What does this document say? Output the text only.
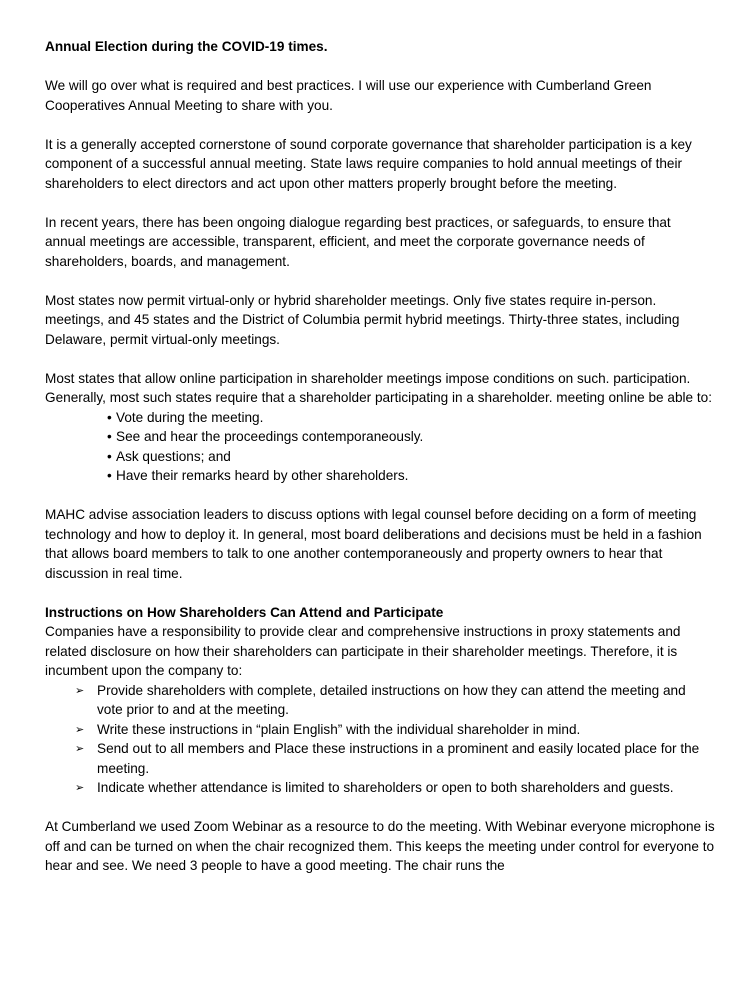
Annual Election during the COVID-19 times.

We will go over what is required and best practices. I will use our experience with Cumberland Green Cooperatives Annual Meeting to share with you.

It is a generally accepted cornerstone of sound corporate governance that shareholder participation is a key component of a successful annual meeting. State laws require companies to hold annual meetings of their shareholders to elect directors and act upon other matters properly brought before the meeting.

In recent years, there has been ongoing dialogue regarding best practices, or safeguards, to ensure that annual meetings are accessible, transparent, efficient, and meet the corporate governance needs of shareholders, boards, and management.

Most states now permit virtual-only or hybrid shareholder meetings. Only five states require in-person. meetings, and 45 states and the District of Columbia permit hybrid meetings. Thirty-three states, including Delaware, permit virtual-only meetings.

Most states that allow online participation in shareholder meetings impose conditions on such. participation. Generally, most such states require that a shareholder participating in a shareholder. meeting online be able to:

• Vote during the meeting.
• See and hear the proceedings contemporaneously.
• Ask questions; and
• Have their remarks heard by other shareholders.

MAHC advise association leaders to discuss options with legal counsel before deciding on a form of meeting technology and how to deploy it. In general, most board deliberations and decisions must be held in a fashion that allows board members to talk to one another contemporaneously and property owners to hear that discussion in real time.

Instructions on How Shareholders Can Attend and Participate

Companies have a responsibility to provide clear and comprehensive instructions in proxy statements and related disclosure on how their shareholders can participate in their shareholder meetings. Therefore, it is incumbent upon the company to:

➢ Provide shareholders with complete, detailed instructions on how they can attend the meeting and vote prior to and at the meeting.
➢ Write these instructions in “plain English” with the individual shareholder in mind.
➢ Send out to all members and Place these instructions in a prominent and easily located place for the meeting.
➢ Indicate whether attendance is limited to shareholders or open to both shareholders and guests.

At Cumberland we used Zoom Webinar as a resource to do the meeting. With Webinar everyone microphone is off and can be turned on when the chair recognized them. This keeps the meeting under control for everyone to hear and see. We need 3 people to have a good meeting. The chair runs the
